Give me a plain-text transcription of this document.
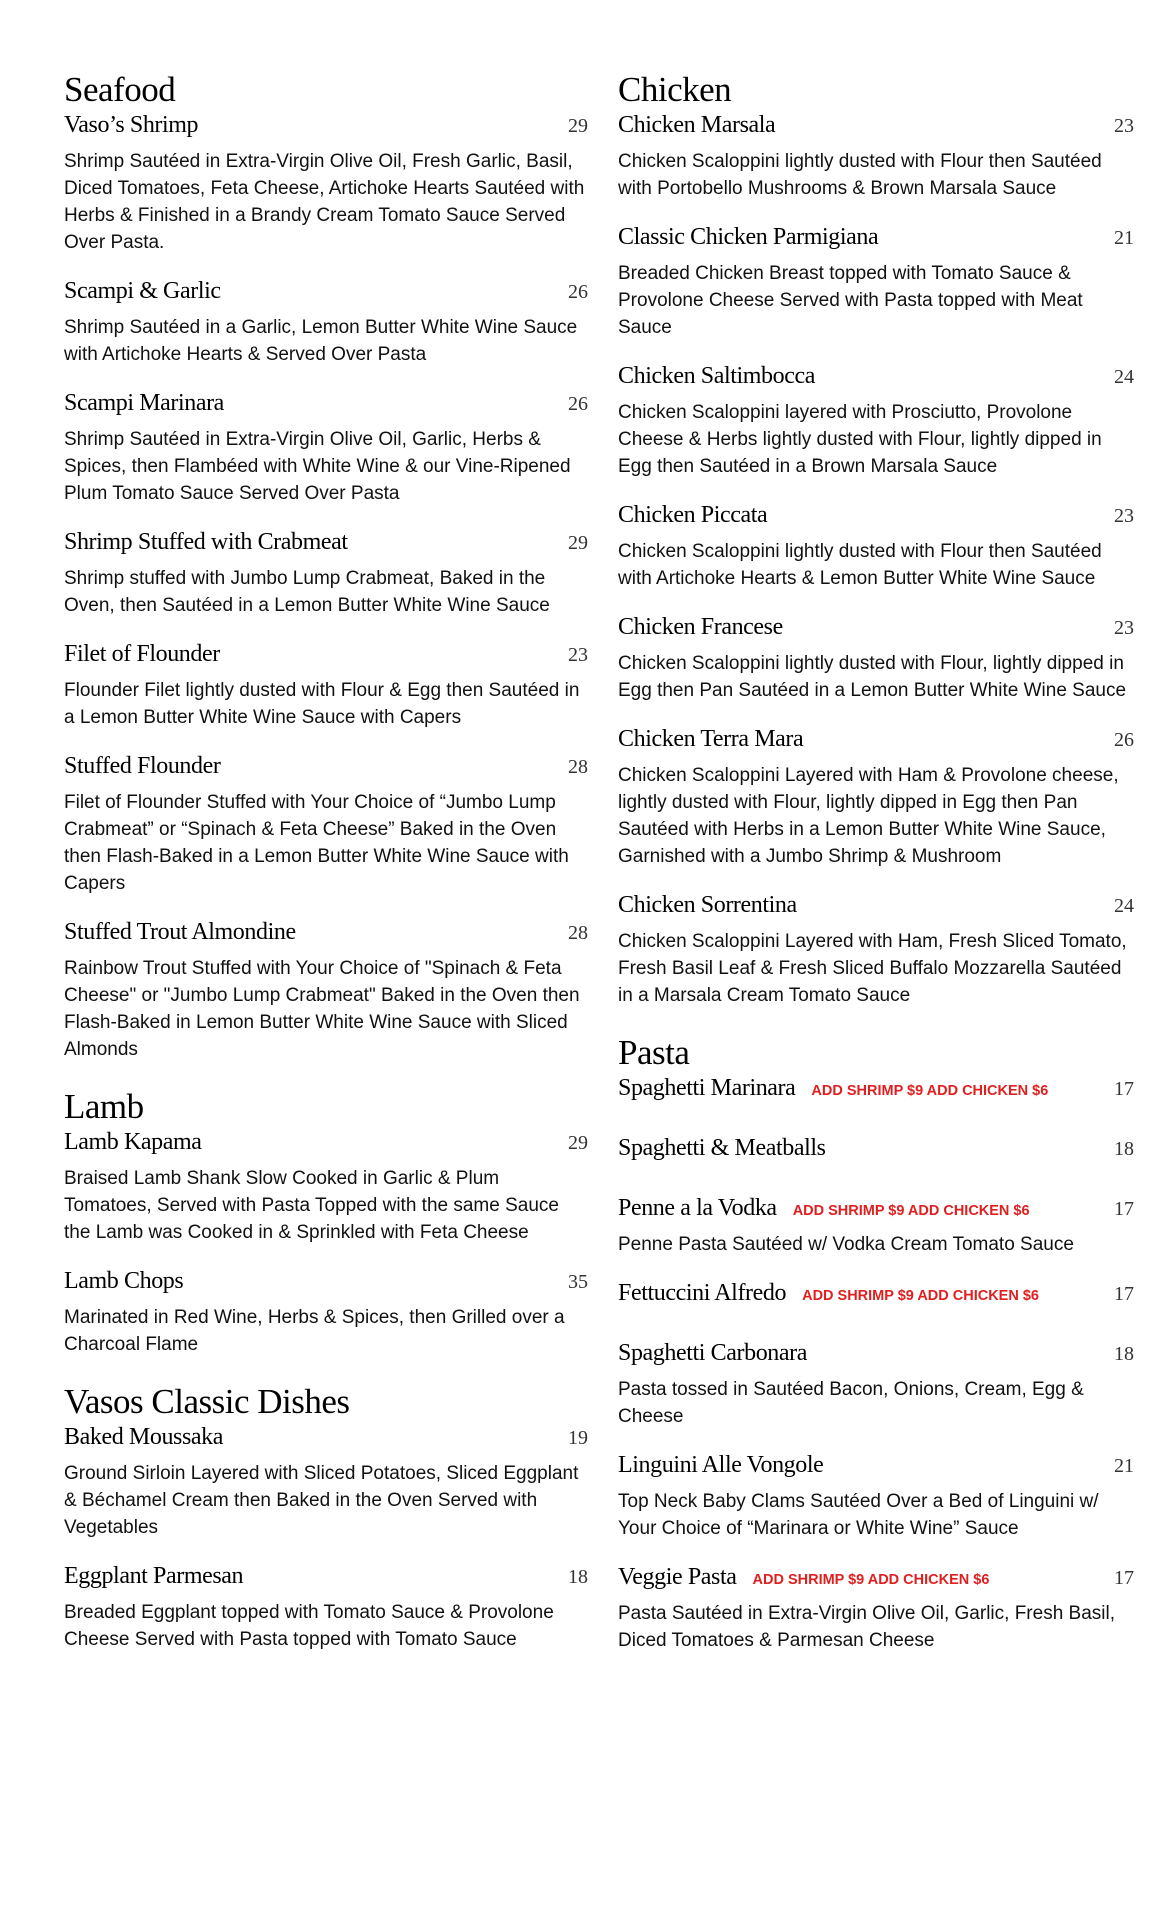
Seafood
Vaso’s Shrimp	29

Shrimp Sautéed in Extra-Virgin Olive Oil, Fresh Garlic, Basil, Diced Tomatoes, Feta Cheese, Artichoke Hearts Sautéed with Herbs & Finished in a Brandy Cream Tomato Sauce Served Over Pasta.

Scampi & Garlic	26

Shrimp Sautéed in a Garlic, Lemon Butter White Wine Sauce with Artichoke Hearts & Served Over Pasta

Scampi Marinara	26

Shrimp Sautéed in Extra-Virgin Olive Oil, Garlic, Herbs & Spices, then Flambéed with White Wine & our Vine-Ripened Plum Tomato Sauce Served Over Pasta

Shrimp Stuffed with Crabmeat	29

Shrimp stuffed with Jumbo Lump Crabmeat, Baked in the Oven, then Sautéed in a Lemon Butter White Wine Sauce

Filet of Flounder	23

Flounder Filet lightly dusted with Flour & Egg then Sautéed in a Lemon Butter White Wine Sauce with Capers

Stuffed Flounder	28

Filet of Flounder Stuffed with Your Choice of “Jumbo Lump Crabmeat” or “Spinach & Feta Cheese” Baked in the Oven then Flash-Baked in a Lemon Butter White Wine Sauce with Capers

Stuffed Trout Almondine	28

Rainbow Trout Stuffed with Your Choice of "Spinach & Feta Cheese" or "Jumbo Lump Crabmeat" Baked in the Oven then Flash-Baked in Lemon Butter White Wine Sauce with Sliced Almonds

Lamb
Lamb Kapama	29

Braised Lamb Shank Slow Cooked in Garlic & Plum Tomatoes, Served with Pasta Topped with the same Sauce the Lamb was Cooked in & Sprinkled with Feta Cheese

Lamb Chops	35

Marinated in Red Wine, Herbs & Spices, then Grilled over a Charcoal Flame

Vasos Classic Dishes
Baked Moussaka	19

Ground Sirloin Layered with Sliced Potatoes, Sliced Eggplant & Béchamel Cream then Baked in the Oven Served with Vegetables

Eggplant Parmesan	18

Breaded Eggplant topped with Tomato Sauce & Provolone Cheese Served with Pasta topped with Tomato Sauce

Chicken
Chicken Marsala	23

Chicken Scaloppini lightly dusted with Flour then Sautéed with Portobello Mushrooms & Brown Marsala Sauce

Classic Chicken Parmigiana	21

Breaded Chicken Breast topped with Tomato Sauce & Provolone Cheese Served with Pasta topped with Meat Sauce

Chicken Saltimbocca	24

Chicken Scaloppini layered with Prosciutto, Provolone Cheese & Herbs lightly dusted with Flour, lightly dipped in Egg then Sautéed in a Brown Marsala Sauce

Chicken Piccata	23

Chicken Scaloppini lightly dusted with Flour then Sautéed with Artichoke Hearts & Lemon Butter White Wine Sauce

Chicken Francese	23

Chicken Scaloppini lightly dusted with Flour, lightly dipped in Egg then Pan Sautéed in a Lemon Butter White Wine Sauce

Chicken Terra Mara	26

Chicken Scaloppini Layered with Ham & Provolone cheese, lightly dusted with Flour, lightly dipped in Egg then Pan Sautéed with Herbs in a Lemon Butter White Wine Sauce, Garnished with a Jumbo Shrimp & Mushroom

Chicken Sorrentina	24

Chicken Scaloppini Layered with Ham, Fresh Sliced Tomato, Fresh Basil Leaf & Fresh Sliced Buffalo Mozzarella Sautéed in a Marsala Cream Tomato Sauce

Pasta
Spaghetti Marinara ADD SHRIMP $9 ADD CHICKEN $6	17
Spaghetti & Meatballs	18
Penne a la Vodka ADD SHRIMP $9 ADD CHICKEN $6	17

Penne Pasta Sautéed w/ Vodka Cream Tomato Sauce

Fettuccini Alfredo ADD SHRIMP $9 ADD CHICKEN $6	17
Spaghetti Carbonara	18

Pasta tossed in Sautéed Bacon, Onions, Cream, Egg & Cheese

Linguini Alle Vongole	21

Top Neck Baby Clams Sautéed Over a Bed of Linguini w/ Your Choice of “Marinara or White Wine” Sauce

Veggie Pasta ADD SHRIMP $9 ADD CHICKEN $6	17

Pasta Sautéed in Extra-Virgin Olive Oil, Garlic, Fresh Basil, Diced Tomatoes & Parmesan Cheese
